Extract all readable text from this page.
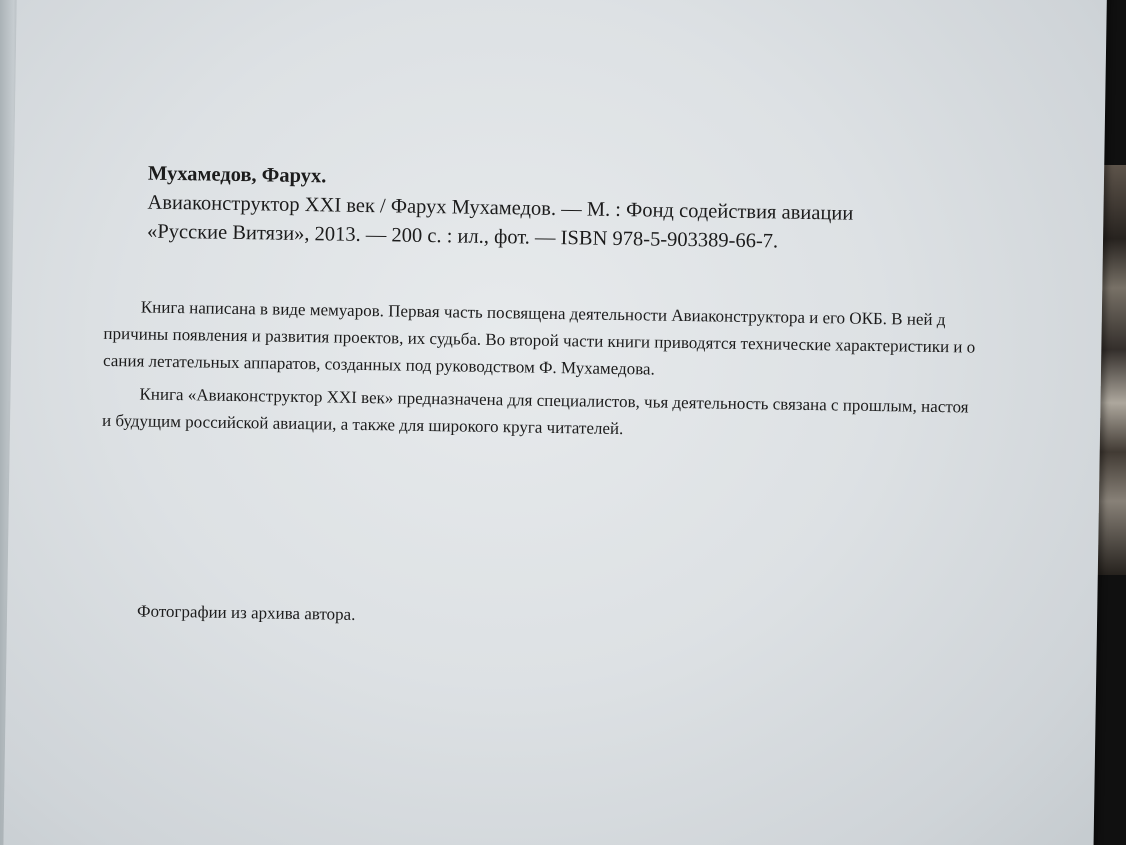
Мухамедов, Фарух.
Авиаконструктор XXI век / Фарух Мухамедов. — М. : Фонд содействия авиации
«Русские Витязи», 2013. — 200 с. : ил., фот. — ISBN 978-5-903389-66-7.

Книга написана в виде мемуаров. Первая часть посвящена деятельности Авиаконструктора и его ОКБ. В ней д

причины появления и развития проектов, их судьба. Во второй части книги приводятся технические характеристики и о

сания летательных аппаратов, созданных под руководством Ф. Мухамедова.

Книга «Авиаконструктор XXI век» предназначена для специалистов, чья деятельность связана с прошлым, настоя

и будущим российской авиации, а также для широкого круга читателей.

Фотографии из архива автора.
